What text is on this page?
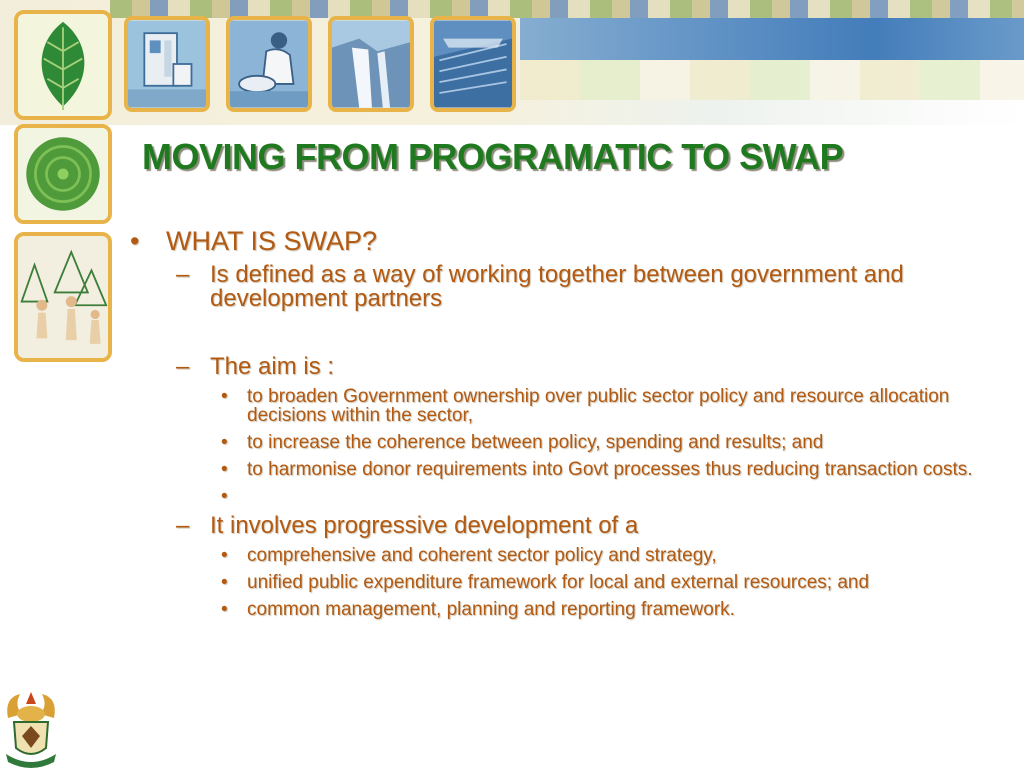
MOVING FROM PROGRAMATIC TO SWAP
• WHAT IS SWAP?
– Is defined as a way of working together between government and development partners
– The aim is :
• to broaden Government ownership over public sector policy and resource allocation decisions within the sector,
• to increase the coherence between policy, spending and results; and
• to harmonise donor requirements into Govt processes thus reducing transaction costs.
•

– It involves progressive development of a
• comprehensive and coherent sector policy and strategy,
• unified public expenditure framework for local and external resources; and
• common management, planning and reporting framework.
